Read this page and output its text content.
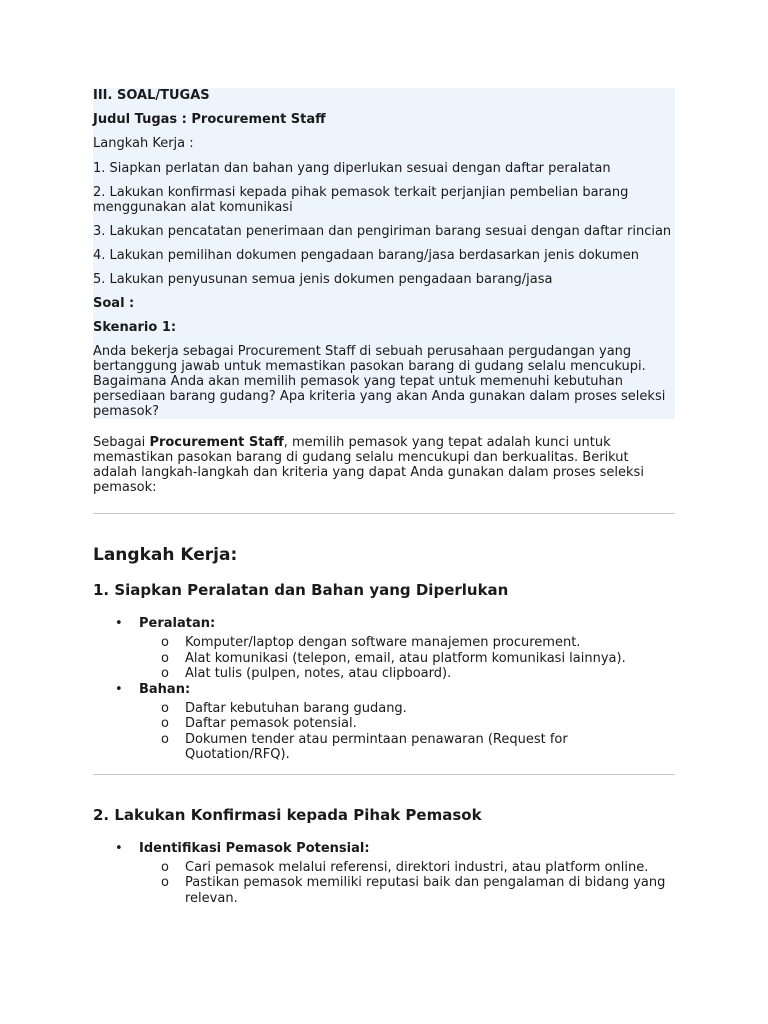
III. SOAL/TUGAS

Judul Tugas : Procurement Staff

Langkah Kerja :

1. Siapkan perlatan dan bahan yang diperlukan sesuai dengan daftar peralatan

2. Lakukan konfirmasi kepada pihak pemasok terkait perjanjian pembelian barang menggunakan alat komunikasi

3. Lakukan pencatatan penerimaan dan pengiriman barang sesuai dengan daftar rincian

4. Lakukan pemilihan dokumen pengadaan barang/jasa berdasarkan jenis dokumen

5. Lakukan penyusunan semua jenis dokumen pengadaan barang/jasa

Soal :

Skenario 1:

Anda bekerja sebagai Procurement Staff di sebuah perusahaan pergudangan yang bertanggung jawab untuk memastikan pasokan barang di gudang selalu mencukupi. Bagaimana Anda akan memilih pemasok yang tepat untuk memenuhi kebutuhan persediaan barang gudang? Apa kriteria yang akan Anda gunakan dalam proses seleksi pemasok?

Sebagai Procurement Staff, memilih pemasok yang tepat adalah kunci untuk memastikan pasokan barang di gudang selalu mencukupi dan berkualitas. Berikut adalah langkah-langkah dan kriteria yang dapat Anda gunakan dalam proses seleksi pemasok:

Langkah Kerja:

1. Siapkan Peralatan dan Bahan yang Diperlukan

• Peralatan:
o Komputer/laptop dengan software manajemen procurement.
o Alat komunikasi (telepon, email, atau platform komunikasi lainnya).
o Alat tulis (pulpen, notes, atau clipboard).
• Bahan:
o Daftar kebutuhan barang gudang.
o Daftar pemasok potensial.
o Dokumen tender atau permintaan penawaran (Request for Quotation/RFQ).

2. Lakukan Konfirmasi kepada Pihak Pemasok

• Identifikasi Pemasok Potensial:
o Cari pemasok melalui referensi, direktori industri, atau platform online.
o Pastikan pemasok memiliki reputasi baik dan pengalaman di bidang yang relevan.
